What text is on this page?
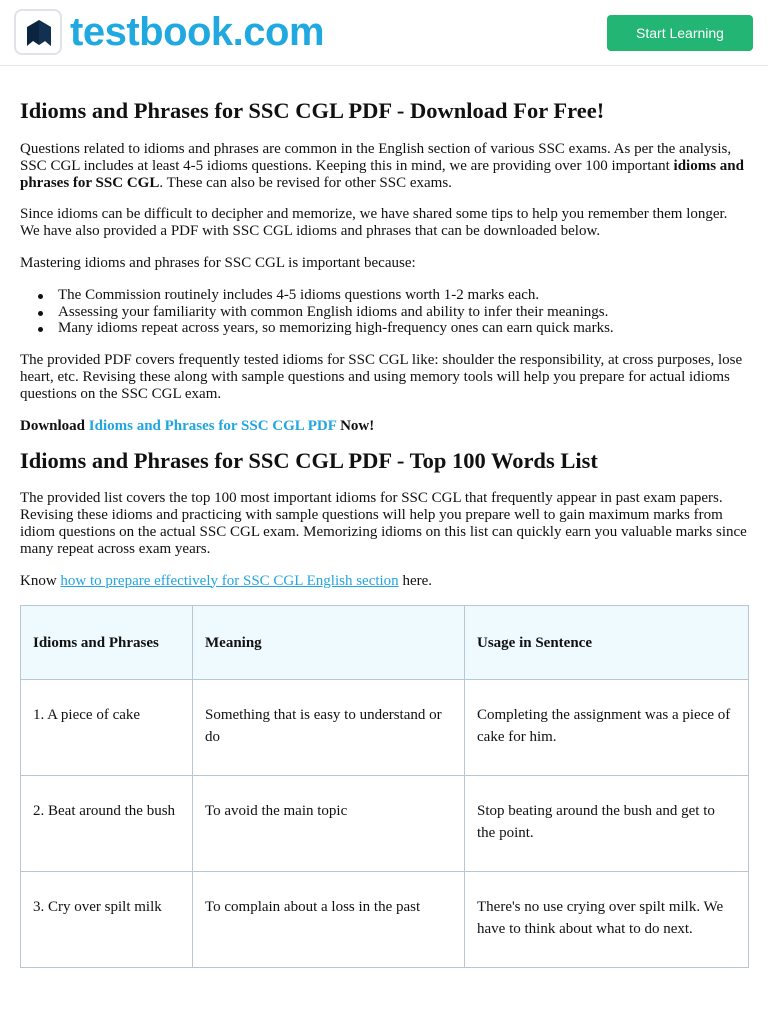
testbook.com	Start Learning
Idioms and Phrases for SSC CGL PDF - Download For Free!

Questions related to idioms and phrases are common in the English section of various SSC exams. As per the analysis, SSC CGL includes at least 4-5 idioms questions. Keeping this in mind, we are providing over 100 important idioms and phrases for SSC CGL. These can also be revised for other SSC exams.

Since idioms can be difficult to decipher and memorize, we have shared some tips to help you remember them longer. We have also provided a PDF with SSC CGL idioms and phrases that can be downloaded below.

Mastering idioms and phrases for SSC CGL is important because:

The Commission routinely includes 4-5 idioms questions worth 1-2 marks each.
Assessing your familiarity with common English idioms and ability to infer their meanings.
Many idioms repeat across years, so memorizing high-frequency ones can earn quick marks.

The provided PDF covers frequently tested idioms for SSC CGL like: shoulder the responsibility, at cross purposes, lose heart, etc. Revising these along with sample questions and using memory tools will help you prepare for actual idioms questions on the SSC CGL exam.

Download Idioms and Phrases for SSC CGL PDF Now!

Idioms and Phrases for SSC CGL PDF - Top 100 Words List

The provided list covers the top 100 most important idioms for SSC CGL that frequently appear in past exam papers. Revising these idioms and practicing with sample questions will help you prepare well to gain maximum marks from idiom questions on the actual SSC CGL exam. Memorizing idioms on this list can quickly earn you valuable marks since many repeat across exam years.

Know how to prepare effectively for SSC CGL English section here.

Idioms and Phrases	Meaning	Usage in Sentence
1. A piece of cake	Something that is easy to understand or do	Completing the assignment was a piece of cake for him.
2. Beat around the bush	To avoid the main topic	Stop beating around the bush and get to the point.
3. Cry over spilt milk	To complain about a loss in the past	There's no use crying over spilt milk. We have to think about what to do next.
